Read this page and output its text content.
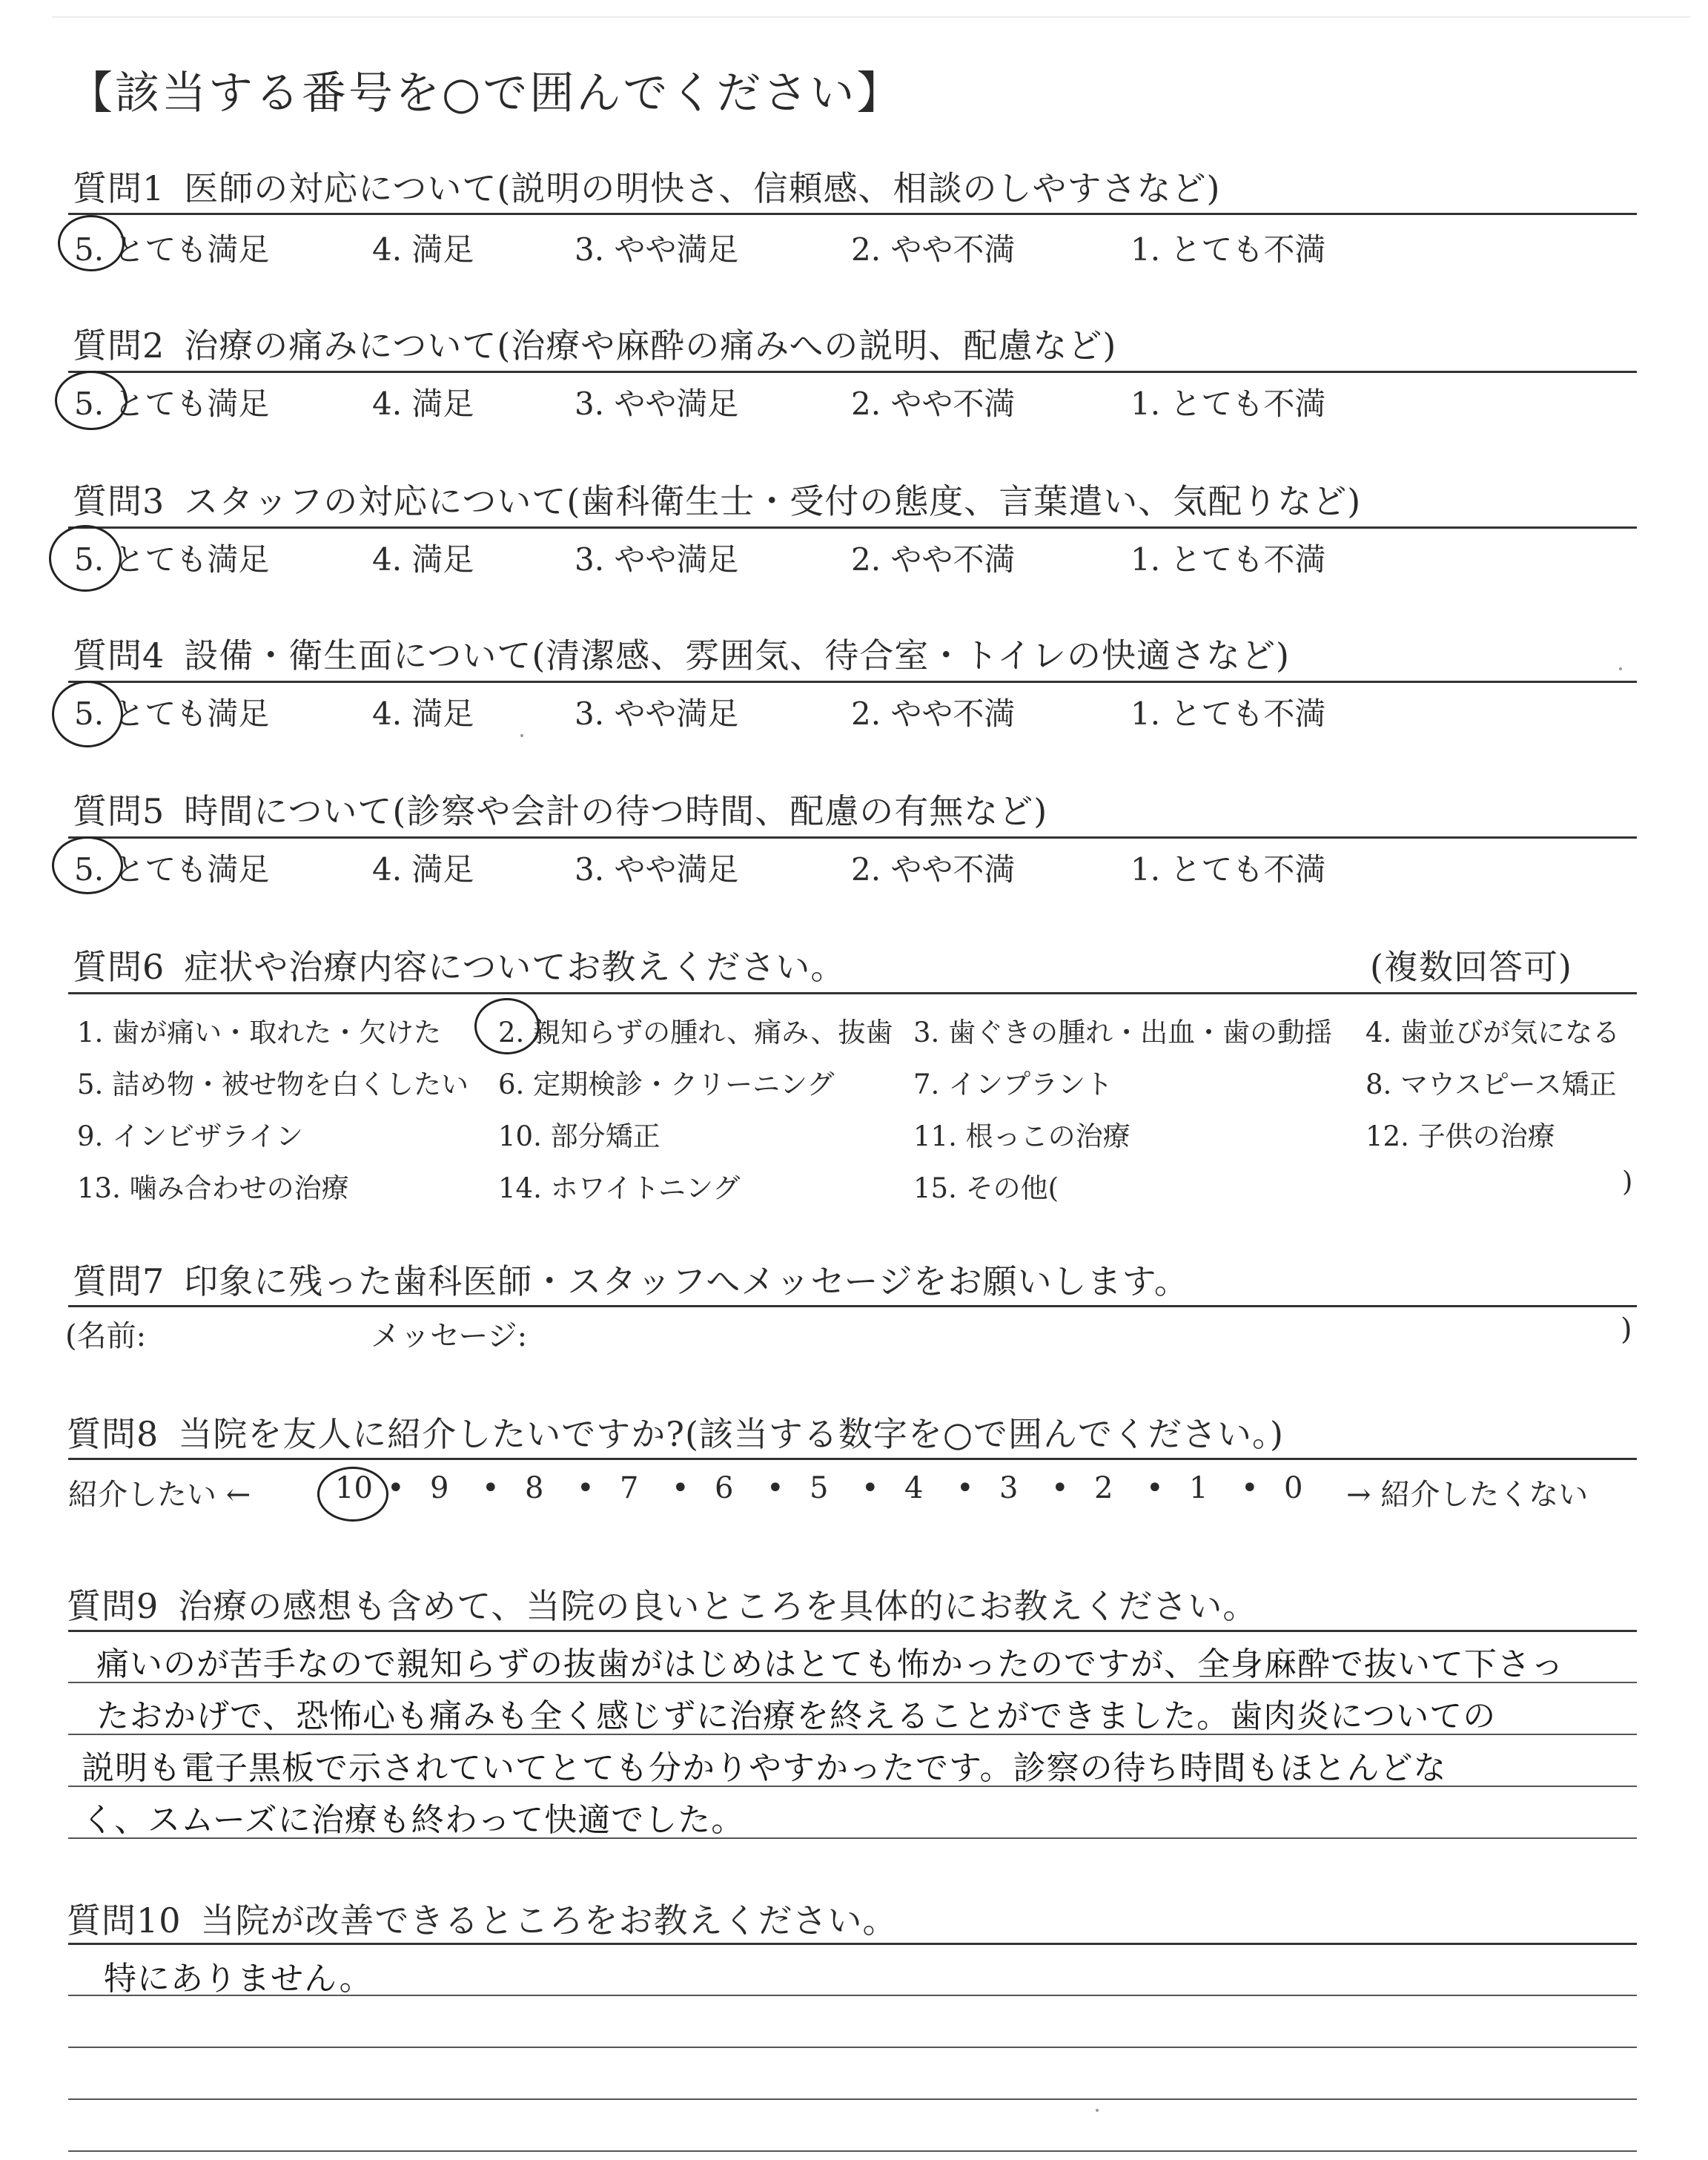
【該当する番号を○で囲んでください】
質問1 医師の対応について(説明の明快さ、信頼感、相談のしやすさなど)
5. とても満足	4. 満足	3. やや満足	2. やや不満	1. とても不満
質問2 治療の痛みについて(治療や麻酔の痛みへの説明、配慮など)
5. とても満足	4. 満足	3. やや満足	2. やや不満	1. とても不満
質問3 スタッフの対応について(歯科衛生士・受付の態度、言葉遣い、気配りなど)
5. とても満足	4. 満足	3. やや満足	2. やや不満	1. とても不満
質問4 設備・衛生面について(清潔感、雰囲気、待合室・トイレの快適さなど)
5. とても満足	4. 満足	3. やや満足	2. やや不満	1. とても不満
質問5 時間について(診察や会計の待つ時間、配慮の有無など)
5. とても満足	4. 満足	3. やや満足	2. やや不満	1. とても不満
質問6 症状や治療内容についてお教えください。	(複数回答可)
1. 歯が痛い・取れた・欠けた 2. 親知らずの腫れ、痛み、抜歯 3. 歯ぐきの腫れ・出血・歯の動揺 4. 歯並びが気になる
5. 詰め物・被せ物を白くしたい 6. 定期検診・クリーニング	7. インプラント	8. マウスピース矯正
9. インビザライン	10. 部分矯正	11. 根っこの治療	12. 子供の治療
13. 噛み合わせの治療	14. ホワイトニング	15. その他(	)
質問7 印象に残った歯科医師・スタッフへメッセージをお願いします。
(名前:	メッセージ:	)
質問8 当院を友人に紹介したいですか?(該当する数字を○で囲んでください。)
紹介したい ←	→ 紹介したくない
10 • 9 • 8 • 7 • 6 • 5 • 4 • 3 • 2 • 1 • 0
質問9 治療の感想も含めて、当院の良いところを具体的にお教えください。
痛いのが苦手なので親知らずの抜歯がはじめはとても怖かったのですが、全身麻酔で抜いて下さっ
たおかげで、恐怖心も痛みも全く感じずに治療を終えることができました。歯肉炎についての
説明も電子黒板で示されていてとても分かりやすかったです。診察の待ち時間もほとんどな
く、スムーズに治療も終わって快適でした。
質問10 当院が改善できるところをお教えください。
特にありません。
